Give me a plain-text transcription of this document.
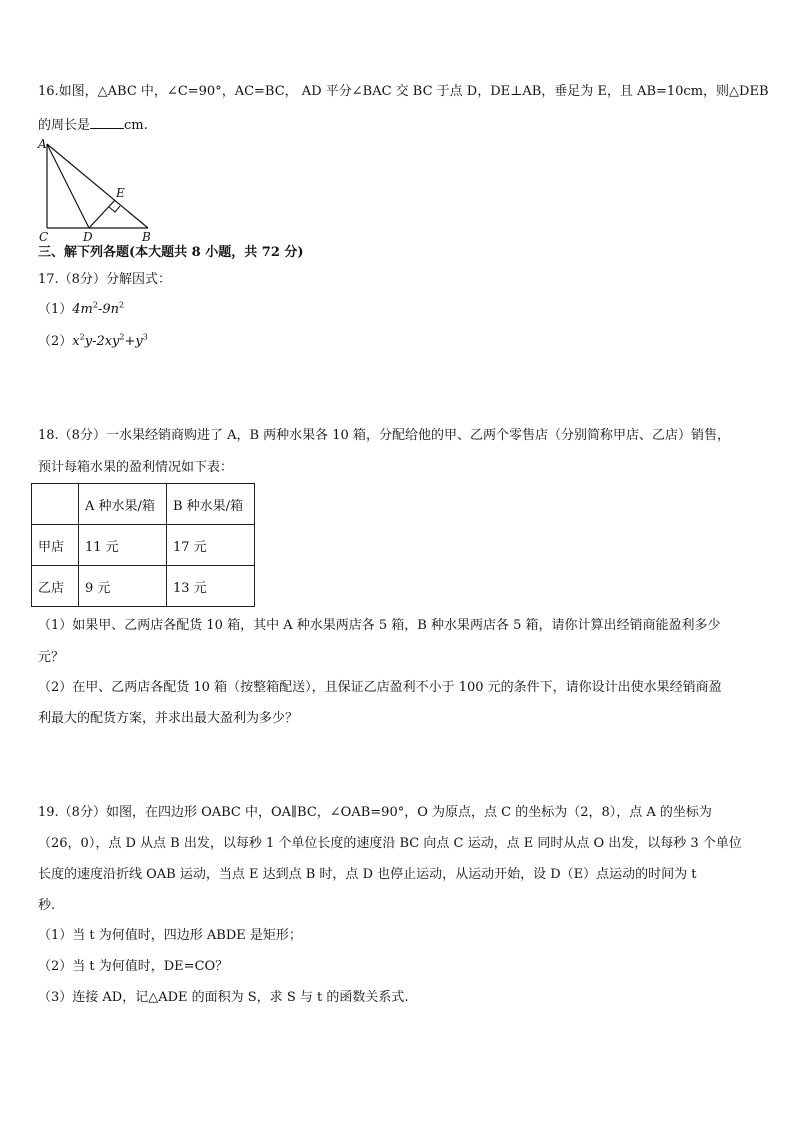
16.如图，△ABC 中，∠C=90°，AC=BC， AD 平分∠BAC 交 BC 于点 D，DE⊥AB，垂足为 E，且 AB=10cm，则△DEB
的周长是	cm.
A
C	D	B
E
三、解下列各题(本大题共 8 小题，共 72 分)
17.（8分）分解因式：
$(1)4m^2-9n^2$
$(2)x^2y-2xy^2+y^3$
18.（8分）一水果经销商购进了 A，B 两种水果各 10 箱，分配给他的甲、乙两个零售店（分别简称甲店、乙店）销售，
预计每箱水果的盈利情况如下表：
	A 种水果/箱	B 种水果/箱
甲店	11 元	17 元
乙店	9 元	13 元
（1）如果甲、乙两店各配货 10 箱，其中 A 种水果两店各 5 箱，B 种水果两店各 5 箱，请你计算出经销商能盈利多少
元？
（2）在甲、乙两店各配货 10 箱（按整箱配送），且保证乙店盈利不小于 100 元的条件下，请你设计出使水果经销商盈
利最大的配货方案，并求出最大盈利为多少？
19.（8分）如图，在四边形 OABC 中，OA∥BC，∠OAB=90°，O 为原点，点 C 的坐标为（2，8），点 A 的坐标为
（26，0），点 D 从点 B 出发，以每秒 1 个单位长度的速度沿 BC 向点 C 运动，点 E 同时从点 O 出发，以每秒 3 个单位
长度的速度沿折线 OAB 运动，当点 E 达到点 B 时，点 D 也停止运动，从运动开始，设 D（E）点运动的时间为 t
秒.
（1）当 t 为何值时，四边形 ABDE 是矩形；
（2）当 t 为何值时，DE=CO？
（3）连接 AD，记△ADE 的面积为 S，求 S 与 t 的函数关系式.
